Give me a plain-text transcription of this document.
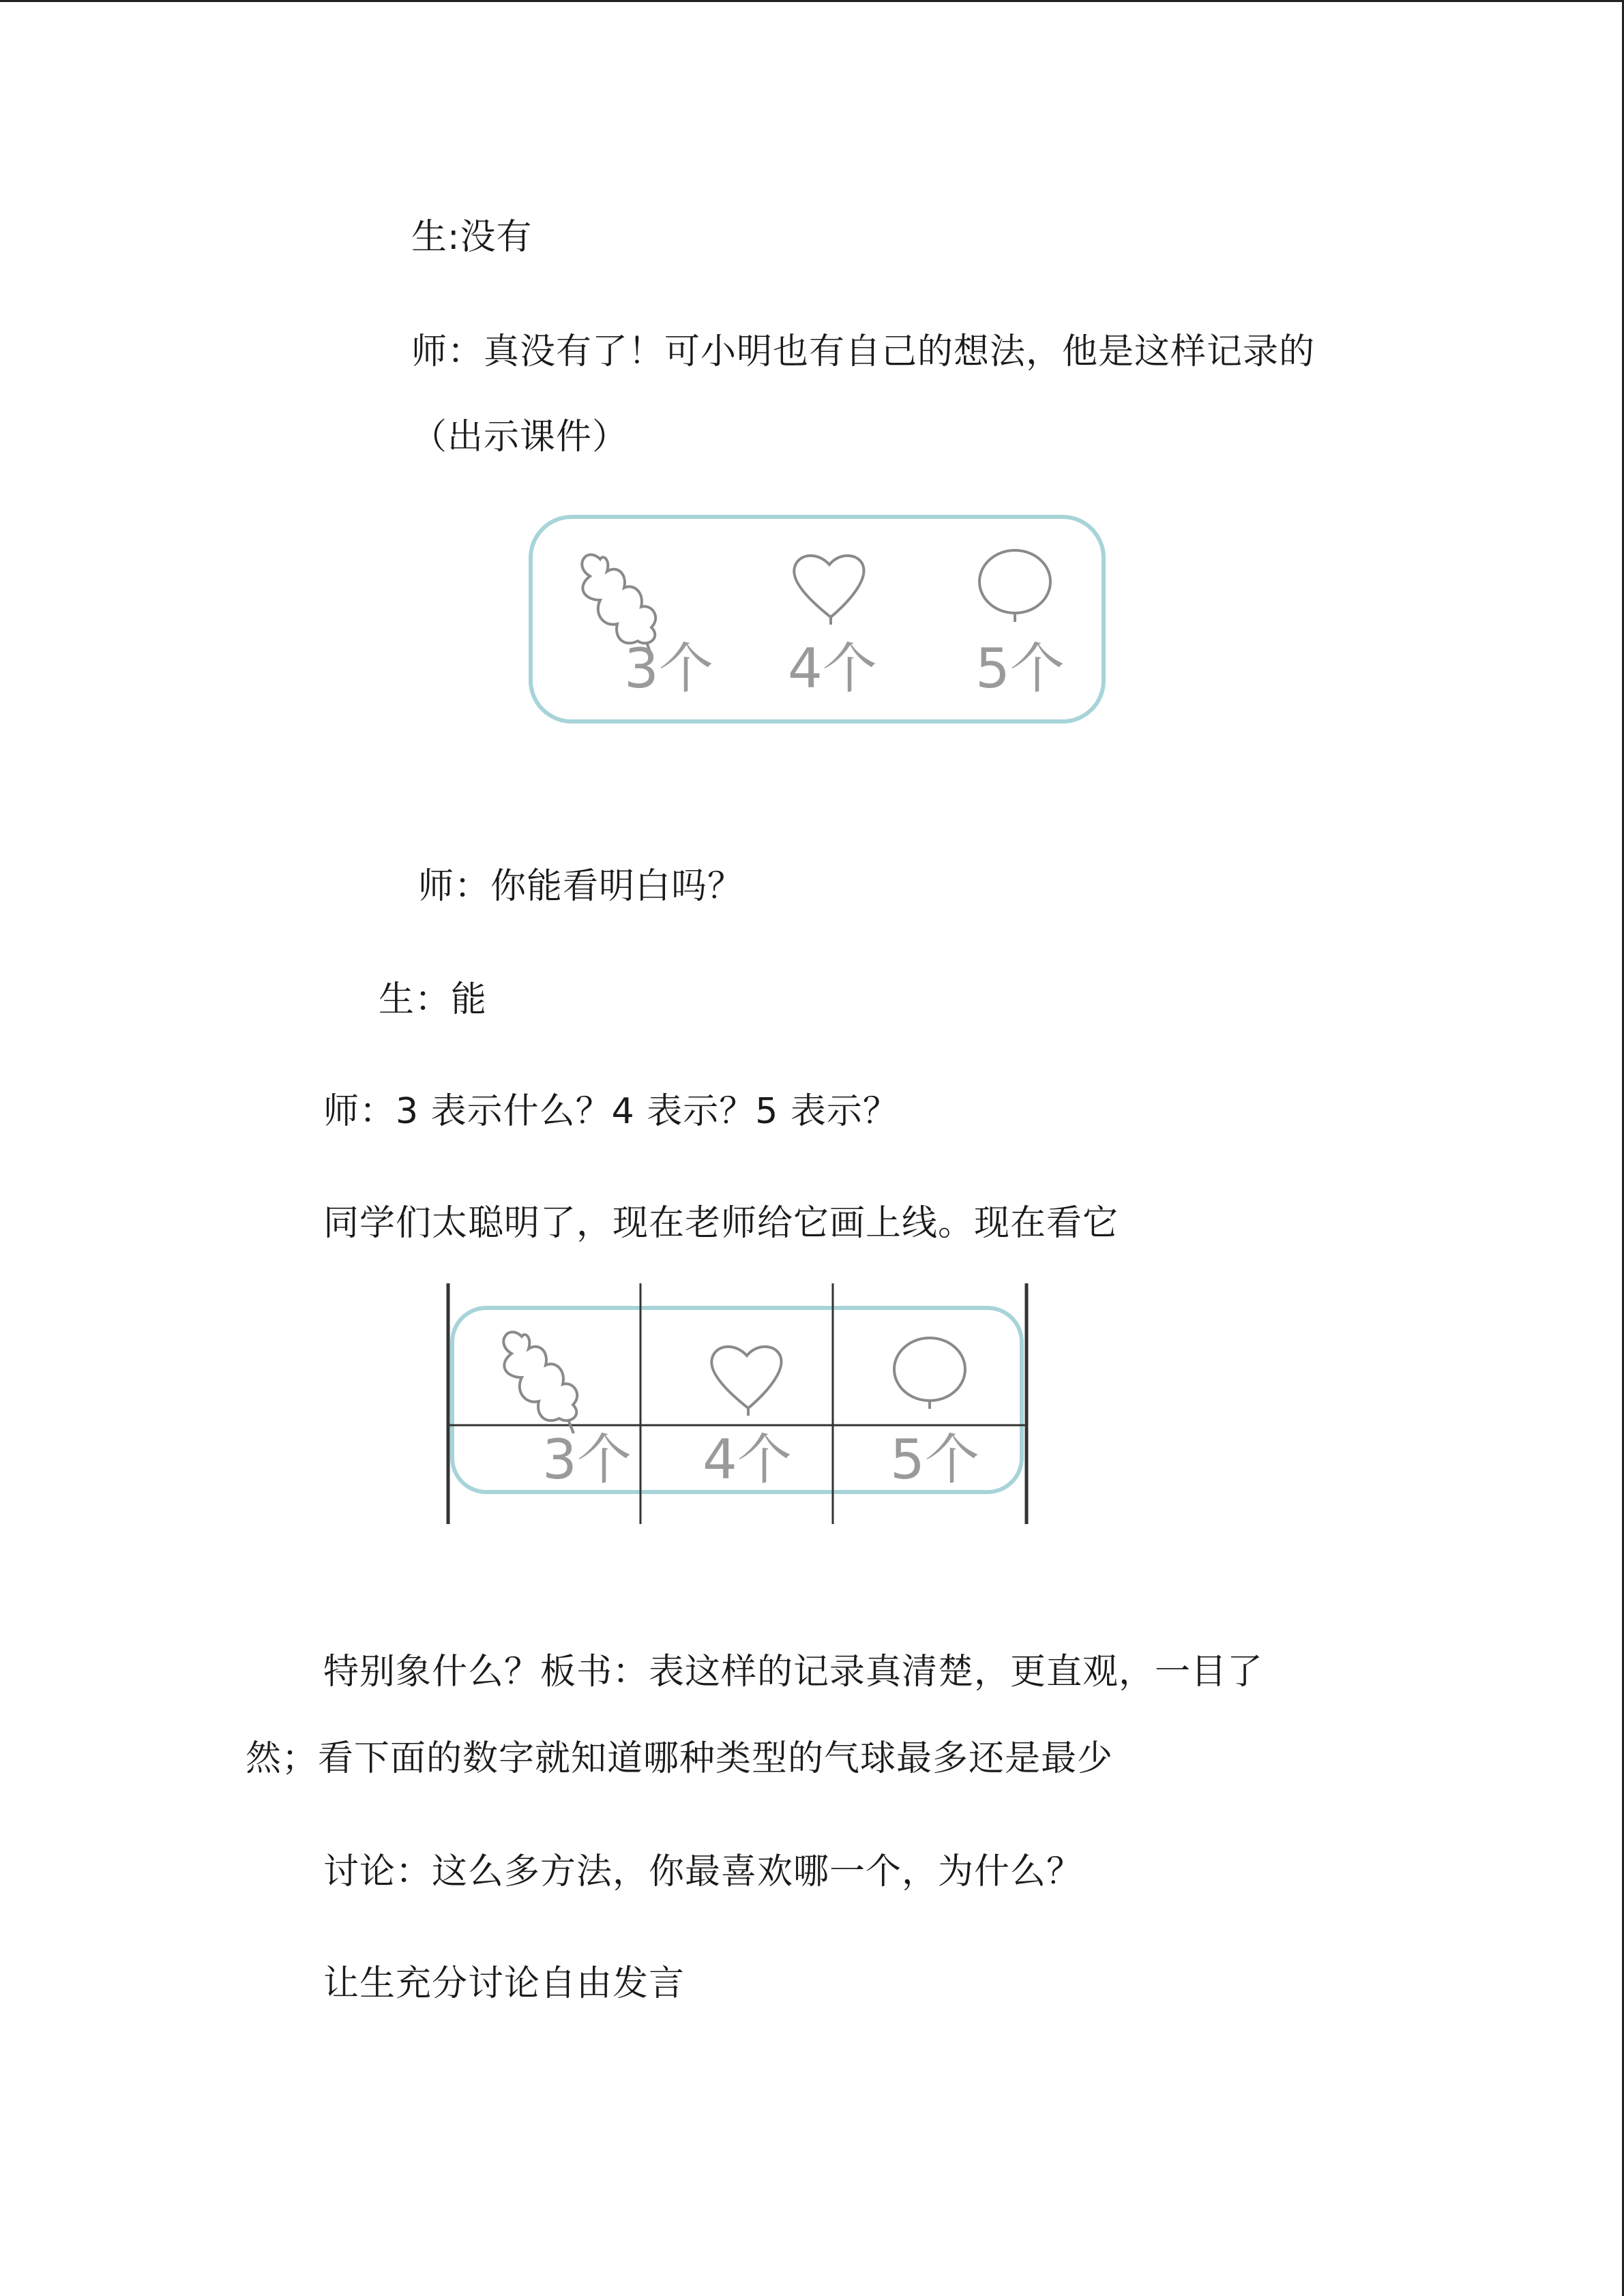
生:没有
师：真没有了！可小明也有自己的想法，他是这样记录的
（出示课件）
3个 4个 5个
师：你能看明白吗？
生：能
师：3 表示什么？4 表示？5 表示？
同学们太聪明了，现在老师给它画上线。现在看它
3个 4个 5个
特别象什么？板书：表这样的记录真清楚，更直观，一目了
然；看下面的数字就知道哪种类型的气球最多还是最少
讨论：这么多方法，你最喜欢哪一个，为什么？
让生充分讨论自由发言
